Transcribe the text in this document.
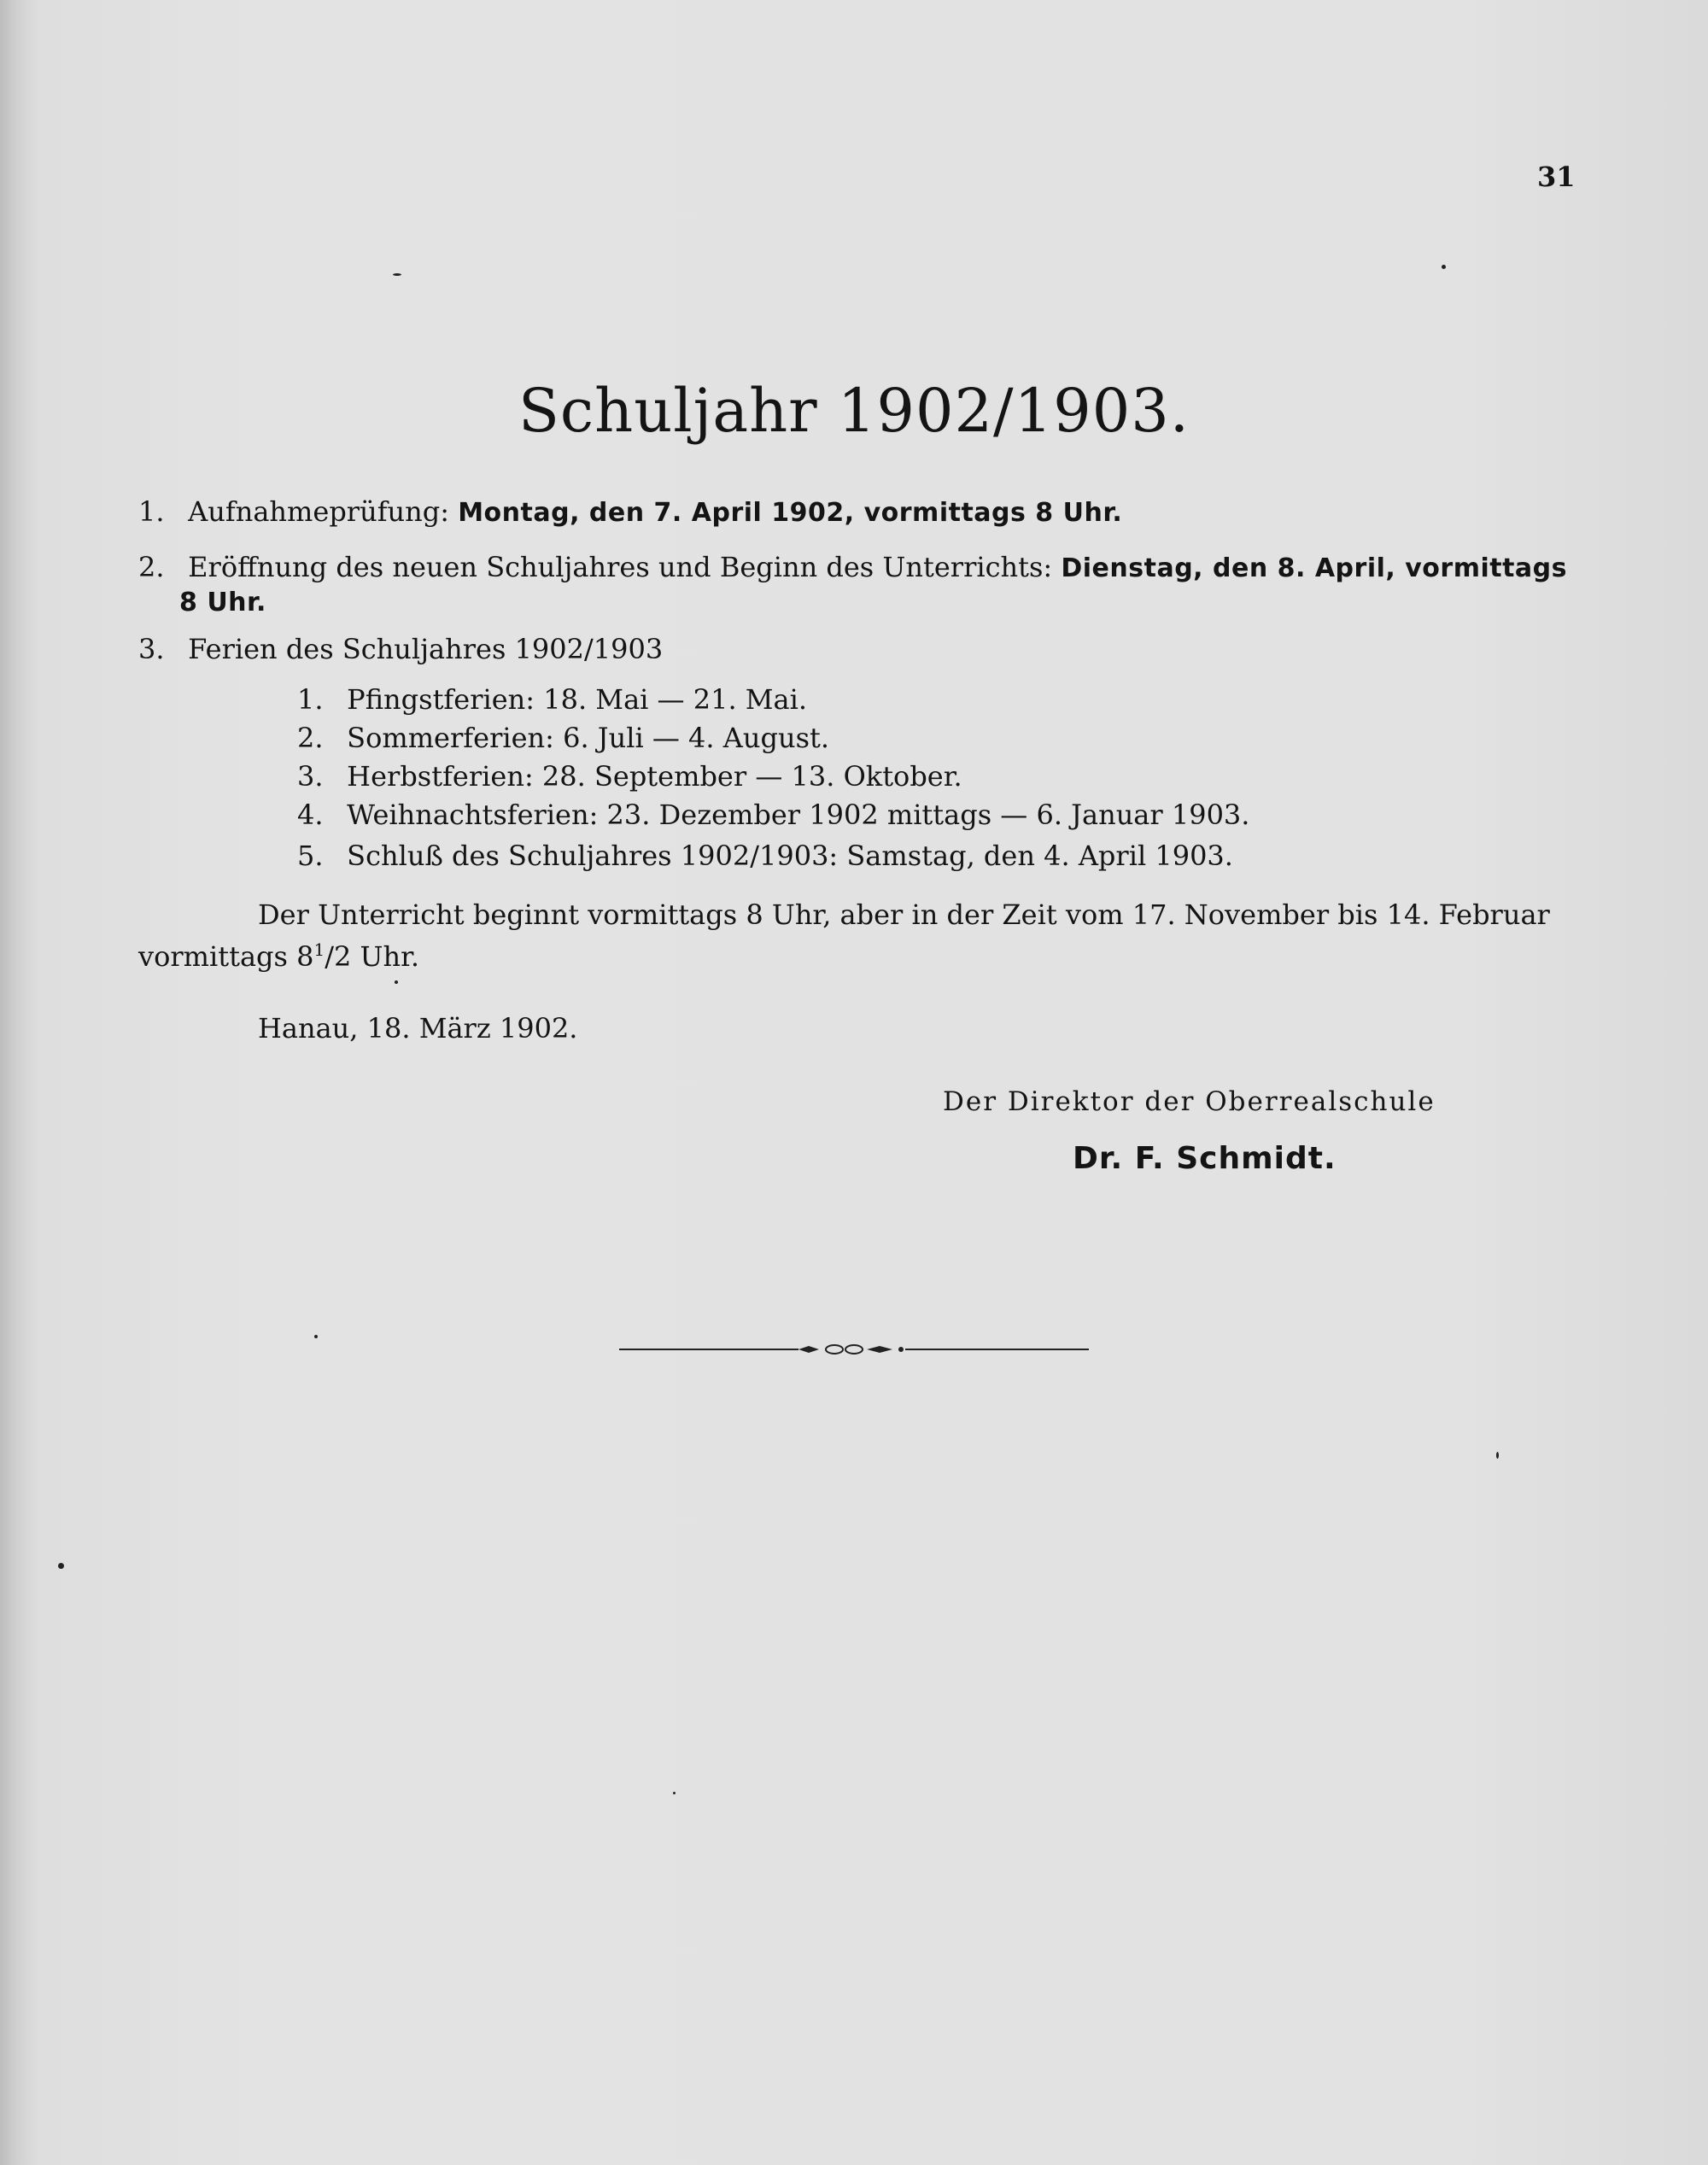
31
Schuljahr 1902/1903.
1. Aufnahmeprüfung: Montag, den 7. April 1902, vormittags 8 Uhr.
2. Eröffnung des neuen Schuljahres und Beginn des Unterrichts: Dienstag, den 8. April, vormittags
8 Uhr.
3. Ferien des Schuljahres 1902/1903
1. Pfingstferien: 18. Mai — 21. Mai.
2. Sommerferien: 6. Juli — 4. August.
3. Herbstferien: 28. September — 13. Oktober.
4. Weihnachtsferien: 23. Dezember 1902 mittags — 6. Januar 1903.
5. Schluß des Schuljahres 1902/1903: Samstag, den 4. April 1903.
Der Unterricht beginnt vormittags 8 Uhr, aber in der Zeit vom 17. November bis 14. Februar
vormittags $8^1/2$ Uhr.
Hanau, 18. März 1902.
Der Direktor der Oberrealschule
Dr. F. Schmidt.
